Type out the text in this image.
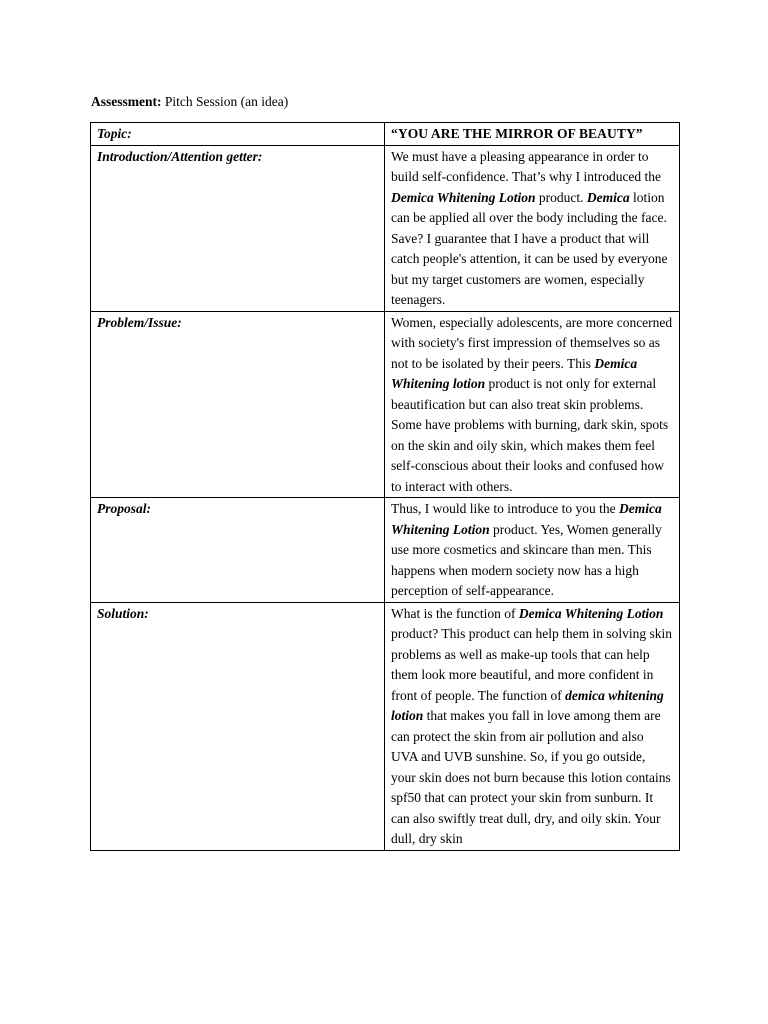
Assessment: Pitch Session (an idea)
Topic:	“YOU ARE THE MIRROR OF BEAUTY”
Introduction/Attention getter:	We must have a pleasing appearance in order to build self-confidence. That’s why I introduced the Demica Whitening Lotion product. Demica lotion can be applied all over the body including the face. Save? I guarantee that I have a product that will catch people's attention, it can be used by everyone but my target customers are women, especially teenagers.
Problem/Issue:	Women, especially adolescents, are more concerned with society's first impression of themselves so as not to be isolated by their peers. This Demica Whitening lotion product is not only for external beautification but can also treat skin problems. Some have problems with burning, dark skin, spots on the skin and oily skin, which makes them feel self-conscious about their looks and confused how to interact with others.
Proposal:	Thus, I would like to introduce to you the Demica Whitening Lotion product. Yes, Women generally use more cosmetics and skincare than men. This happens when modern society now has a high perception of self-appearance.
Solution:	What is the function of Demica Whitening Lotion product? This product can help them in solving skin problems as well as make-up tools that can help them look more beautiful, and more confident in front of people. The function of demica whitening lotion that makes you fall in love among them are can protect the skin from air pollution and also UVA and UVB sunshine. So, if you go outside, your skin does not burn because this lotion contains spf50 that can protect your skin from sunburn. It can also swiftly treat dull, dry, and oily skin. Your dull, dry skin
